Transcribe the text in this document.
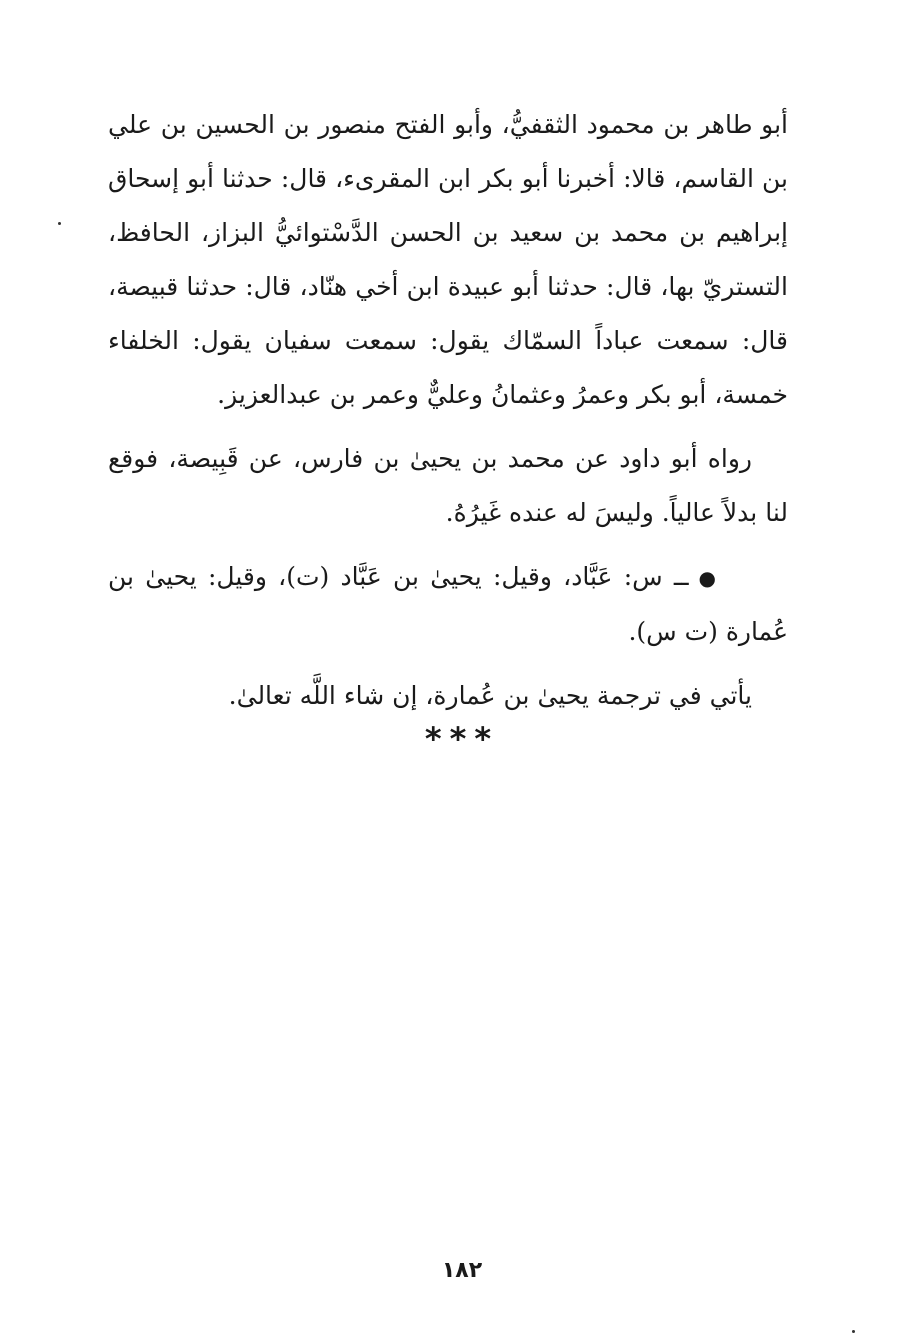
أبو طاهر بن محمود الثقفيُّ، وأبو الفتح منصور بن الحسين بن علي بن القاسم، قالا: أخبرنا أبو بكر ابن المقرىء، قال: حدثنا أبو إسحاق إبراهيم بن محمد بن سعيد بن الحسن الدَّسْتوائيُّ البزاز، الحافظ، التستريّ بها، قال: حدثنا أبو عبيدة ابن أخي هنّاد، قال: حدثنا قبيصة، قال: سمعت عباداً السمّاك يقول: سمعت سفيان يقول: الخلفاء خمسة، أبو بكر وعمرُ وعثمانُ وعليٌّ وعمر بن عبدالعزيز.

رواه أبو داود عن محمد بن يحيىٰ بن فارس، عن قَبِيصة، فوقع لنا بدلاً عالياً. وليسَ له عنده غَيرُهُ.

●ــ س: عَبَّاد، وقيل: يحيىٰ بن عَبَّاد (ت)، وقيل: يحيىٰ بن عُمارة (ت س).

يأتي في ترجمة يحيىٰ بن عُمارة، إن شاء اللَّه تعالىٰ.

***
١٨٢
